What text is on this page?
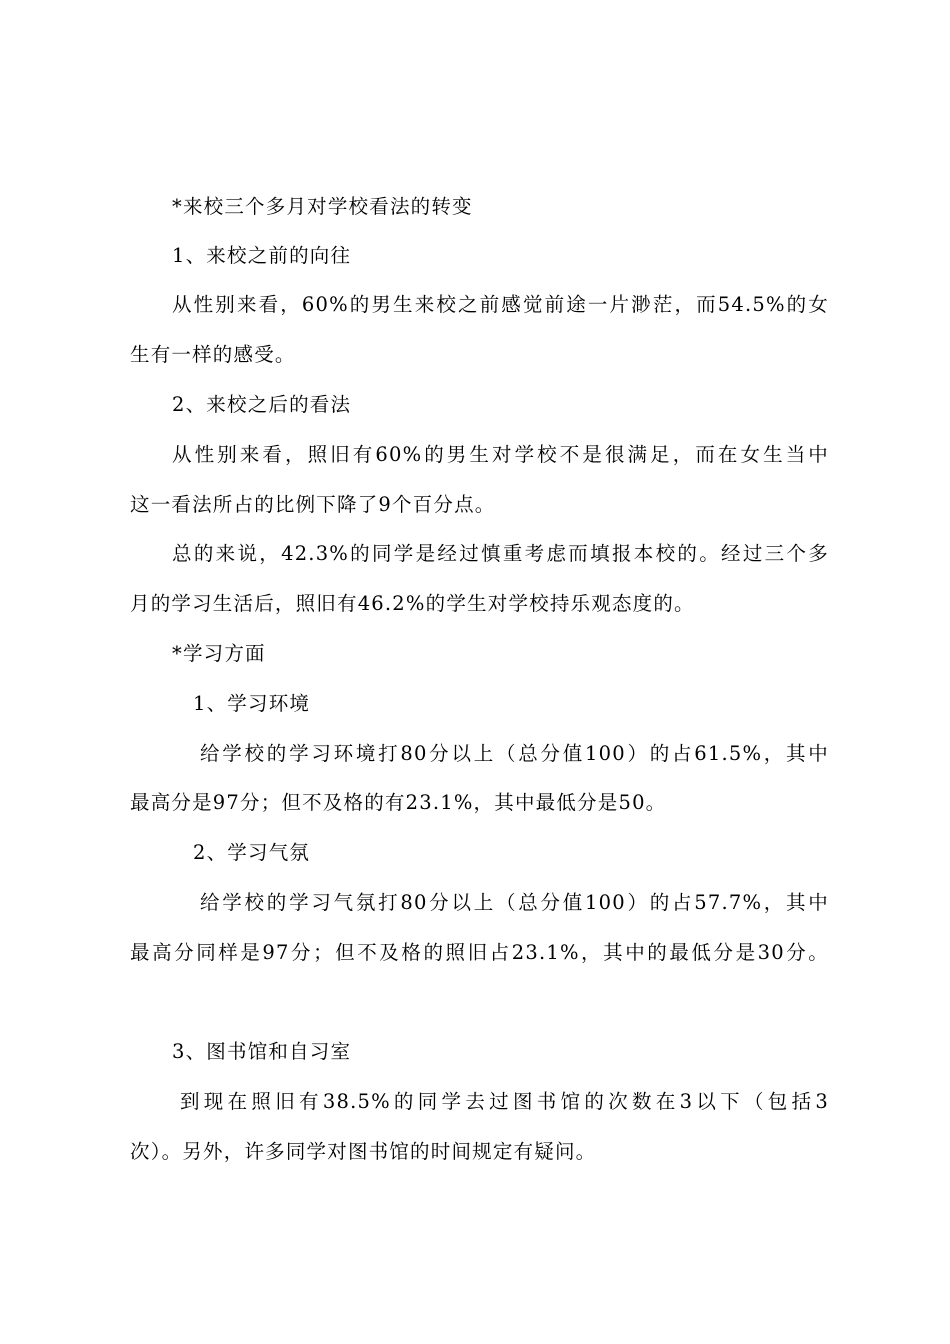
*来校三个多月对学校看法的转变
1、来校之前的向往
从性别来看，60%的男生来校之前感觉前途一片渺茫，而54.5%的女
生有一样的感受。
2、来校之后的看法
从性别来看，照旧有60%的男生对学校不是很满足，而在女生当中
这一看法所占的比例下降了9个百分点。
总的来说，42.3%的同学是经过慎重考虑而填报本校的。经过三个多
月的学习生活后，照旧有46.2%的学生对学校持乐观态度的。
*学习方面
1、学习环境
给学校的学习环境打80分以上（总分值100）的占61.5%，其中
最高分是97分；但不及格的有23.1%，其中最低分是50。
2、学习气氛
给学校的学习气氛打80分以上（总分值100）的占57.7%，其中
最高分同样是97分；但不及格的照旧占23.1%，其中的最低分是30分。
3、图书馆和自习室
到现在照旧有38.5%的同学去过图书馆的次数在3以下（包括3
次）。另外，许多同学对图书馆的时间规定有疑问。
